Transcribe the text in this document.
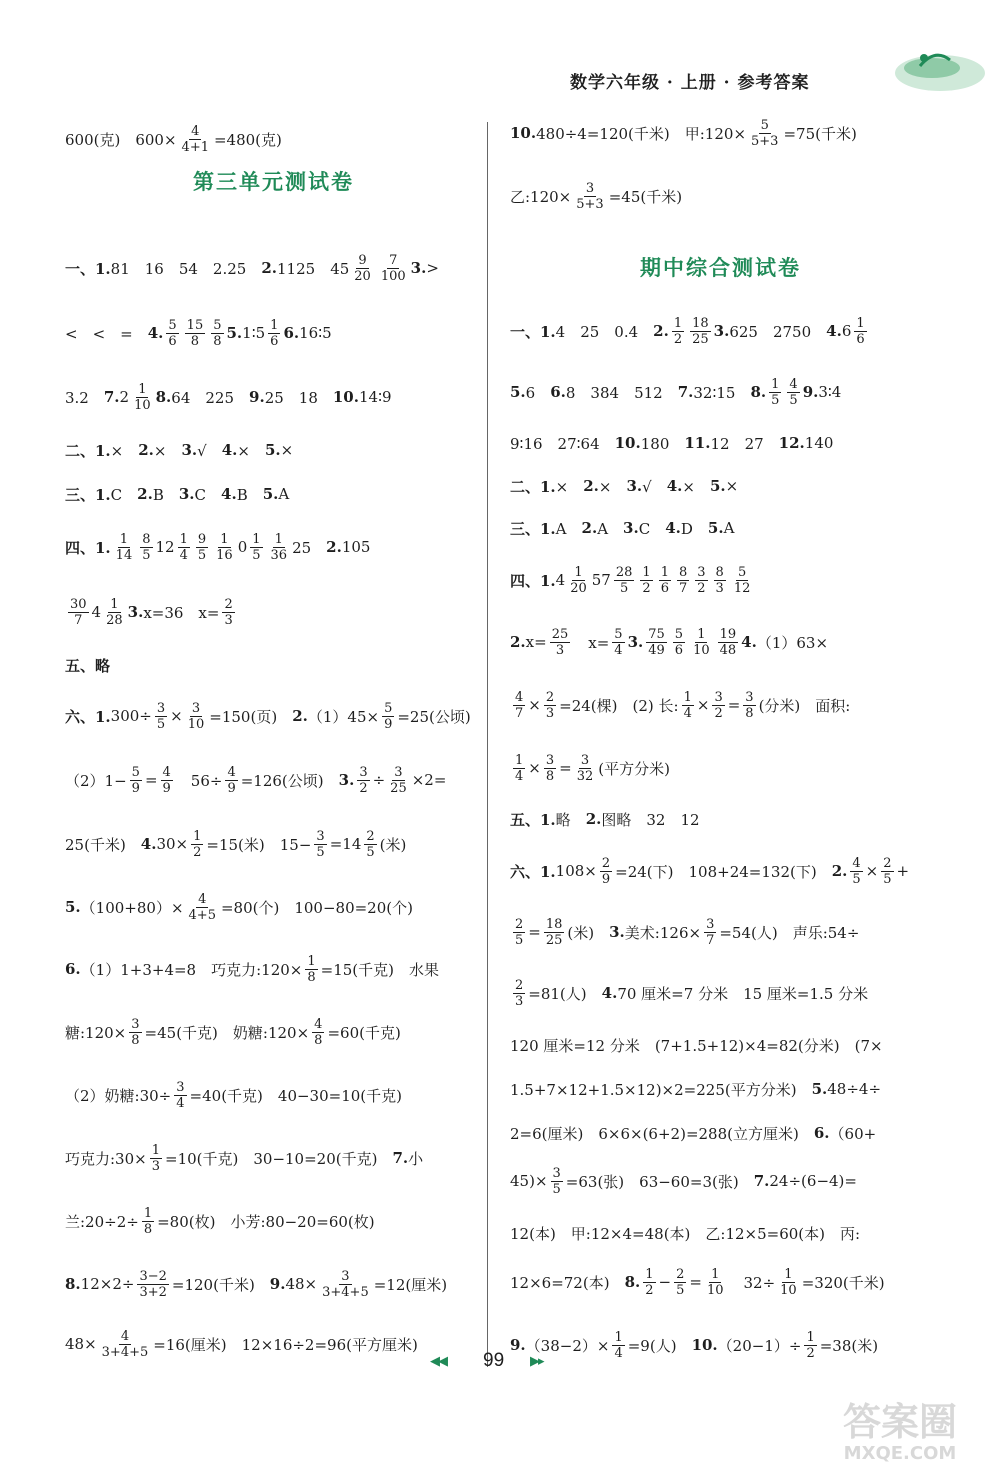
数学六年级 · 上册 · 参考答案
600(克)　$600\times \frac{4}{4+1} =480$(克)
第三单元测试卷
一、1. 81　16　54　2.25　 2. 1125　$45 \frac{9}{20} \frac{7}{100} 3$. >
<　<　=　 4. $\frac{5}{6} \frac{15}{8} \frac{5}{8} 5$. 1∶5 $\frac{1}{6} 6$. 16∶5
3.2　 7. $2 \frac{1}{10} 8$. 64　225　 9. 25　18　 10. 14∶9
二、1. ×　 2. ×　 3. √　 4. ×　 5. ×
三、1. C　 2. B　 3. C　 4. B　 5. A
四、1. $\frac{1}{14} \frac{8}{5} 12 \frac{1}{4} \frac{9}{5} \frac{1}{16} 0 \frac{1}{5} \frac{1}{36} 25$　 2. 105
$\frac{30}{7} 4 \frac{1}{28} 3$. x=36　$x= \frac{2}{3}$
五、略
六、1. $300\div \frac{3}{5} \times \frac{3}{10} =150$(页)　 2. $(1)45\times \frac{5}{9} =25$(公顷)
$(2)1- \frac{5}{9} = \frac{4}{9}$ 　$56\div \frac{4}{9} =126$(公顷)　 3. $\frac{3}{2} \div \frac{3}{25} \times 2=$
25(千米)　 4. $30\times \frac{1}{2} =15$(米)　$15- \frac{3}{5} =14 \frac{2}{5}$ (米)
5. $(100+80)\times \frac{4}{4+5} =80$(个)　100−80=20(个)
6. （1）1+3+4=8　巧克力:120× $\frac{1}{8} =15$(千克)　水果
糖:120× $\frac{3}{8} =45$(千克)　奶糖:120× $\frac{4}{8} =60$(千克)
（2）奶糖:30÷ $\frac{3}{4} =40$(千克)　40−30=10(千克)
巧克力:30× $\frac{1}{3} =10$(千克)　30−10=20(千克)　 7. 小
兰:20÷2÷ $\frac{1}{8} =80$(枚)　小芳:80−20=60(枚)
8. $12\times 2\div \frac{3-2}{3+2} =120$(千米)　 9. $48\times \frac{3}{3+4+5} =12$(厘米)
$48\times \frac{4}{3+4+5} =16$(厘米)　12×16÷2=96(平方厘米)
10. 480÷4=120(千米)　甲:120× $\frac{5}{5+3} =75$(千米)
乙:120× $\frac{3}{5+3} =45$(千米)
期中综合测试卷
一、1. 4　25　0.4　 2. $\frac{1}{2} \frac{18}{25} 3$. 625　2750　 4. $6 \frac{1}{6}$
5. 6　 6. 8　384　512　 7. 32∶15　 8. $\frac{1}{5} \frac{4}{5} 9$. 3∶4
9∶16　27∶64　 10. 180　 11. 12　27　 12. 140
二、1. ×　 2. ×　 3. √　 4. ×　 5. ×
三、1. A　 2. A　 3. C　 4. D　 5. A
四、1. $4 \frac{1}{20} 57 \frac{28}{5} \frac{1}{2} \frac{1}{6} \frac{8}{7} \frac{3}{2} \frac{8}{3} \frac{5}{12}$
2. $x= \frac{25}{3}$ 　$x= \frac{5}{4} 3$. $\frac{75}{49} \frac{5}{6} \frac{1}{10} \frac{19}{48} 4$. （1）63×
$\frac{4}{7} \times \frac{2}{3} =24$(棵)　(2) 长: $\frac{1}{4} \times \frac{3}{2} = \frac{3}{8}$ (分米)　面积:
$\frac{1}{4} \times \frac{3}{8} = \frac{3}{32}$ (平方分米)
五、1. 略　 2. 图略　32　12
六、1. $108\times \frac{2}{9} =24$(下)　108+24=132(下)　 2. $\frac{4}{5} \times \frac{2}{5}$ +
$\frac{2}{5} = \frac{18}{25}$ (米)　 3. 美术:126× $\frac{3}{7} =54$(人)　声乐:54÷
$\frac{2}{3} =81$(人)　 4. 70 厘米=7 分米　15 厘米=1.5 分米
120 厘米=12 分米　(7+1.5+12)×4=82(分米)　(7×
1.5+7×12+1.5×12)×2=225(平方分米)　 5. 48÷4÷
2=6(厘米)　6×6×(6+2)=288(立方厘米)　 6. （60+
$45)\times \frac{3}{5} =63$(张)　63−60=3(张)　 7. 24÷(6−4)=
12(本)　甲:12×4=48(本)　乙:12×5=60(本)　丙:
12×6=72(本)　 8. $\frac{1}{2} - \frac{2}{5} = \frac{1}{10}$ 　$32\div \frac{1}{10} =320$(千米)
9. $(38-2)\times \frac{1}{4} =9$(人)　 10. $(20-1)\div \frac{1}{2} =38$(米)
◀◀ 99 ▶▸
答案圈
MXQE.COM
